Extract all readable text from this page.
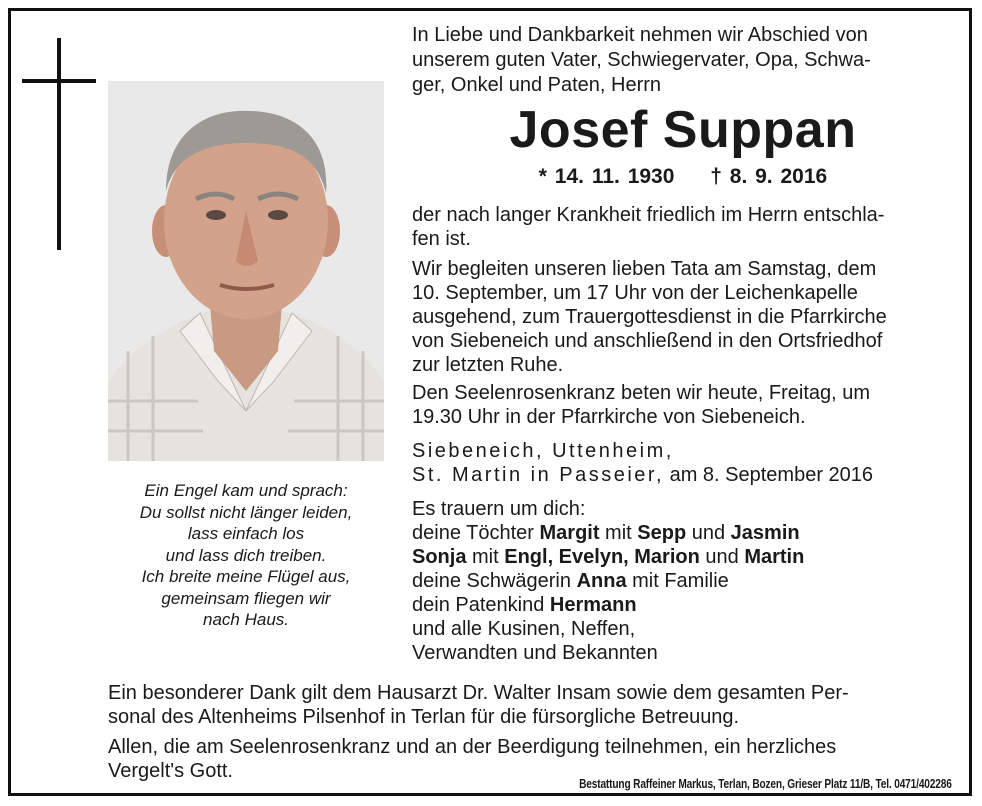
Ein Engel kam und sprach:
Du sollst nicht länger leiden,
lass einfach los
und lass dich treiben.
Ich breite meine Flügel aus,
gemeinsam fliegen wir
nach Haus.
In Liebe und Dankbarkeit nehmen wir Abschied von
unserem guten Vater, Schwiegervater, Opa, Schwa-
ger, Onkel und Paten, Herrn
Josef Suppan
* 14. 11. 1930 † 8. 9. 2016
der nach langer Krankheit friedlich im Herrn entschla-
fen ist.
Wir begleiten unseren lieben Tata am Samstag, dem
10. September, um 17 Uhr von der Leichenkapelle
ausgehend, zum Trauergottesdienst in die Pfarrkirche
von Siebeneich und anschließend in den Ortsfriedhof
zur letzten Ruhe.
Den Seelenrosenkranz beten wir heute, Freitag, um
19.30 Uhr in der Pfarrkirche von Siebeneich.
Siebeneich, Uttenheim,
St. Martin in Passeier, am 8. September 2016
Es trauern um dich:
deine Töchter Margit mit Sepp und Jasmin
Sonja mit Engl, Evelyn, Marion und Martin
deine Schwägerin Anna mit Familie
dein Patenkind Hermann
und alle Kusinen, Neffen,
Verwandten und Bekannten
Ein besonderer Dank gilt dem Hausarzt Dr. Walter Insam sowie dem gesamten Per-
sonal des Altenheims Pilsenhof in Terlan für die fürsorgliche Betreuung.
Allen, die am Seelenrosenkranz und an der Beerdigung teilnehmen, ein herzliches
Vergelt's Gott.
Bestattung Raffeiner Markus, Terlan, Bozen, Grieser Platz 11/B, Tel. 0471/402286
